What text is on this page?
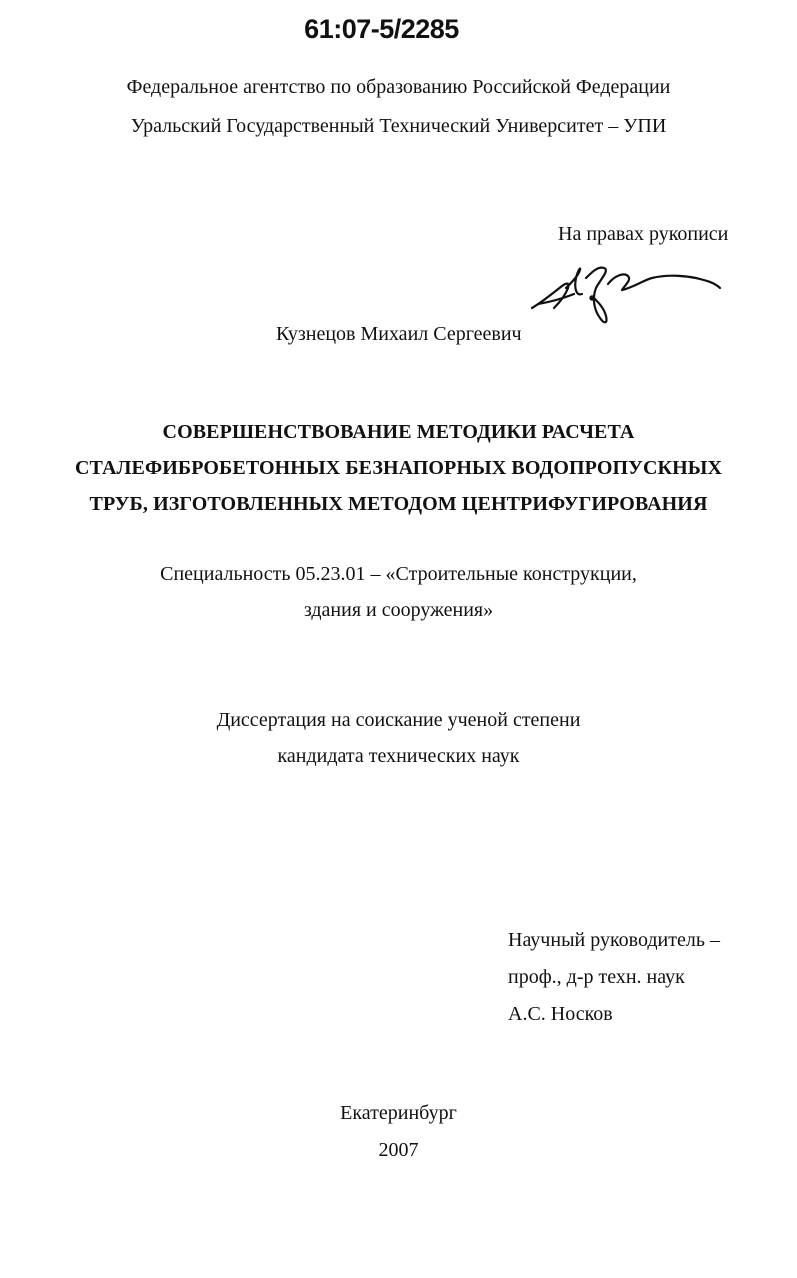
61:07-5/2285
Федеральное агентство по образованию Российской Федерации
Уральский Государственный Технический Университет – УПИ
На правах рукописи
Кузнецов Михаил Сергеевич
СОВЕРШЕНСТВОВАНИЕ МЕТОДИКИ РАСЧЕТА
СТАЛЕФИБРОБЕТОННЫХ БЕЗНАПОРНЫХ ВОДОПРОПУСКНЫХ
ТРУБ, ИЗГОТОВЛЕННЫХ МЕТОДОМ ЦЕНТРИФУГИРОВАНИЯ
Специальность 05.23.01 – «Строительные конструкции,
здания и сооружения»
Диссертация на соискание ученой степени
кандидата технических наук
Научный руководитель –
проф., д-р техн. наук
А.С. Носков
Екатеринбург
2007
